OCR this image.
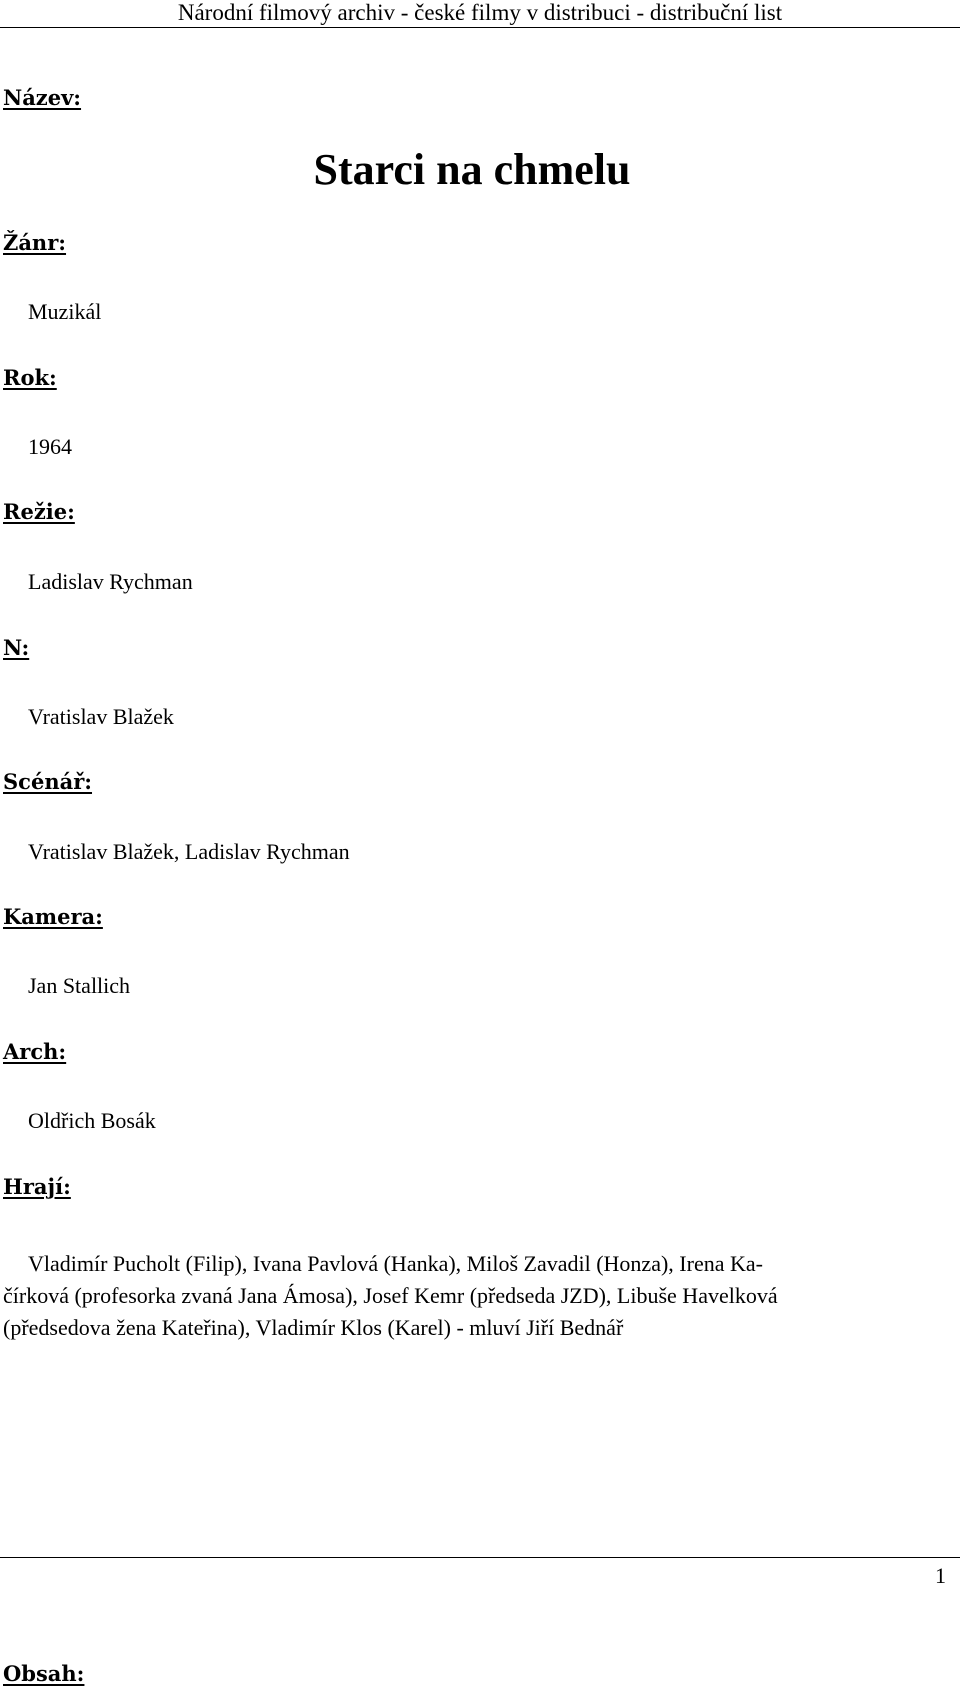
Národní filmový archiv - české filmy v distribuci - distribuční list

Název:

Starci na chmelu

Žánr:

Muzikál

Rok:

1964

Režie:

Ladislav Rychman

N:

Vratislav Blažek

Scénář:

Vratislav Blažek, Ladislav Rychman

Kamera:

Jan Stallich

Arch:

Oldřich Bosák

Hrají:

Vladimír Pucholt (Filip), Ivana Pavlová (Hanka), Miloš Zavadil (Honza), Irena Ka-
čírková (profesorka zvaná Jana Ámosa), Josef Kemr (předseda JZD), Libuše Havelková
(předsedova žena Kateřina), Vladimír Klos (Karel) - mluví Jiří Bednář

Obsah:

1
